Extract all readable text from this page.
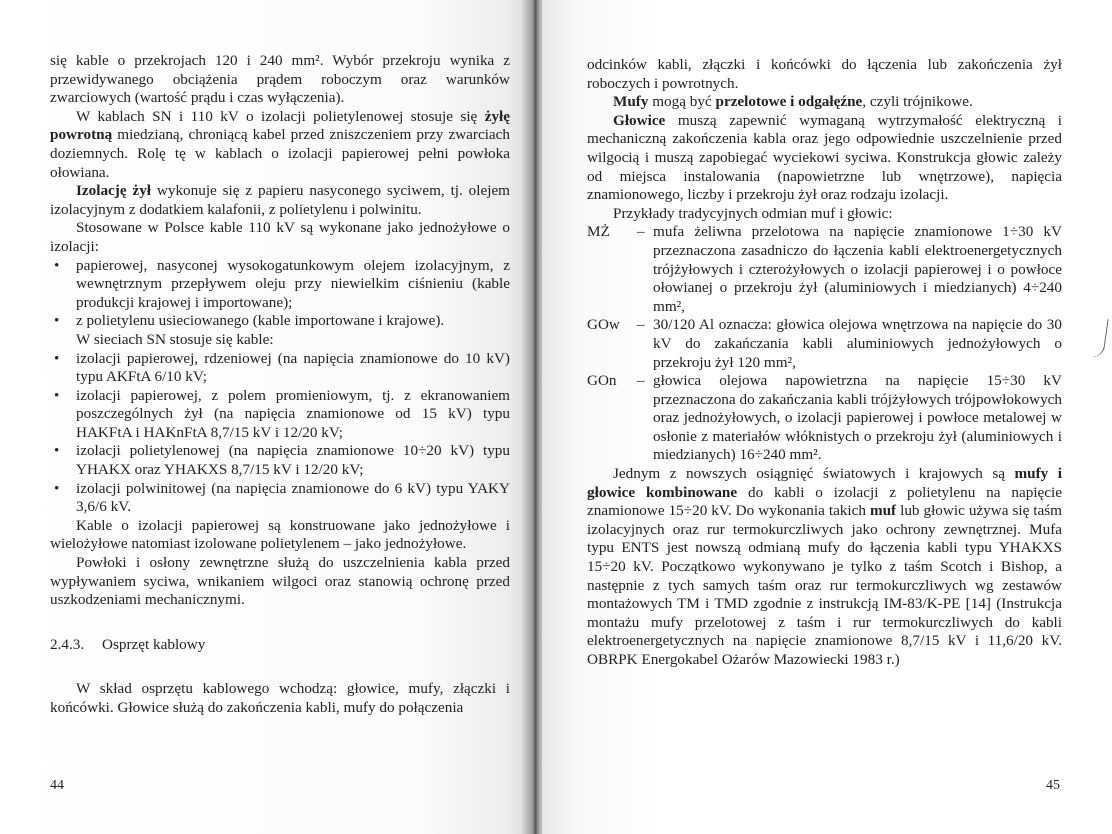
się kable o przekrojach 120 i 240 mm². Wybór przekroju wynika z przewidywanego obciążenia prądem roboczym oraz warunków zwarciowych (wartość prądu i czas wyłączenia).

W kablach SN i 110 kV o izolacji polietylenowej stosuje się żyłę powrotną miedzianą, chroniącą kabel przed zniszczeniem przy zwarciach doziemnych. Rolę tę w kablach o izolacji papierowej pełni powłoka ołowiana.

Izolację żył wykonuje się z papieru nasyconego syciwem, tj. olejem izolacyjnym z dodatkiem kalafonii, z polietylenu i polwinitu.

Stosowane w Polsce kable 110 kV są wykonane jako jednożyłowe o izolacji:

• papierowej, nasyconej wysokogatunkowym olejem izolacyjnym, z wewnętrznym przepływem oleju przy niewielkim ciśnieniu (kable produkcji krajowej i importowane);
• z polietylenu usieciowanego (kable importowane i krajowe).

W sieciach SN stosuje się kable:

• izolacji papierowej, rdzeniowej (na napięcia znamionowe do 10 kV) typu AKFtA 6/10 kV;
• izolacji papierowej, z polem promieniowym, tj. z ekranowaniem poszczególnych żył (na napięcia znamionowe od 15 kV) typu HAKFtA i HAKnFtA 8,7/15 kV i 12/20 kV;
• izolacji polietylenowej (na napięcia znamionowe 10÷20 kV) typu YHAKX oraz YHAKXS 8,7/15 kV i 12/20 kV;
• izolacji polwinitowej (na napięcia znamionowe do 6 kV) typu YAKY 3,6/6 kV.

Kable o izolacji papierowej są konstruowane jako jednożyłowe i wielożyłowe natomiast izolowane polietylenem – jako jednożyłowe.

Powłoki i osłony zewnętrzne służą do uszczelnienia kabla przed wypływaniem syciwa, wnikaniem wilgoci oraz stanowią ochronę przed uszkodzeniami mechanicznymi.

2.4.3. Osprzęt kablowy

W skład osprzętu kablowego wchodzą: głowice, mufy, złączki i końcówki. Głowice służą do zakończenia kabli, mufy do połączenia

44

odcinków kabli, złączki i końcówki do łączenia lub zakończenia żył roboczych i powrotnych.

Mufy mogą być przelotowe i odgałęźne, czyli trójnikowe.

Głowice muszą zapewnić wymaganą wytrzymałość elektryczną i mechaniczną zakończenia kabla oraz jego odpowiednie uszczelnienie przed wilgocią i muszą zapobiegać wyciekowi syciwa. Konstrukcja głowic zależy od miejsca instalowania (napowietrzne lub wnętrzowe), napięcia znamionowego, liczby i przekroju żył oraz rodzaju izolacji.

Przykłady tradycyjnych odmian muf i głowic:

MŻ	– mufa żeliwna przelotowa na napięcie znamionowe 1÷30 kV przeznaczona zasadniczo do łączenia kabli elektroenergetycznych trójżyłowych i czterożyłowych o izolacji papierowej i o powłoce ołowianej o przekroju żył (aluminiowych i miedzianych) 4÷240 mm²,
GOw	– 30/120 Al oznacza: głowica olejowa wnętrzowa na napięcie do 30 kV do zakańczania kabli aluminiowych jednożyłowych o przekroju żył 120 mm²,
GOn	– głowica olejowa napowietrzna na napięcie 15÷30 kV przeznaczona do zakańczania kabli trójżyłowych trójpowłokowych oraz jednożyłowych, o izolacji papierowej i powłoce metalowej w osłonie z materiałów włóknistych o przekroju żył (aluminiowych i miedzianych) 16÷240 mm².

Jednym z nowszych osiągnięć światowych i krajowych są mufy i głowice kombinowane do kabli o izolacji z polietylenu na napięcie znamionowe 15÷20 kV. Do wykonania takich muf lub głowic używa się taśm izolacyjnych oraz rur termokurczliwych jako ochrony zewnętrznej. Mufa typu ENTS jest nowszą odmianą mufy do łączenia kabli typu YHAKXS 15÷20 kV. Początkowo wykonywano je tylko z taśm Scotch i Bishop, a następnie z tych samych taśm oraz rur termokurczliwych wg zestawów montażowych TM i TMD zgodnie z instrukcją IM-83/K-PE [14] (Instrukcja montażu mufy przelotowej z taśm i rur termokurczliwych do kabli elektroenergetycznych na napięcie znamionowe 8,7/15 kV i 11,6/20 kV. OBRPK Energokabel Ożarów Mazowiecki 1983 r.)

45
